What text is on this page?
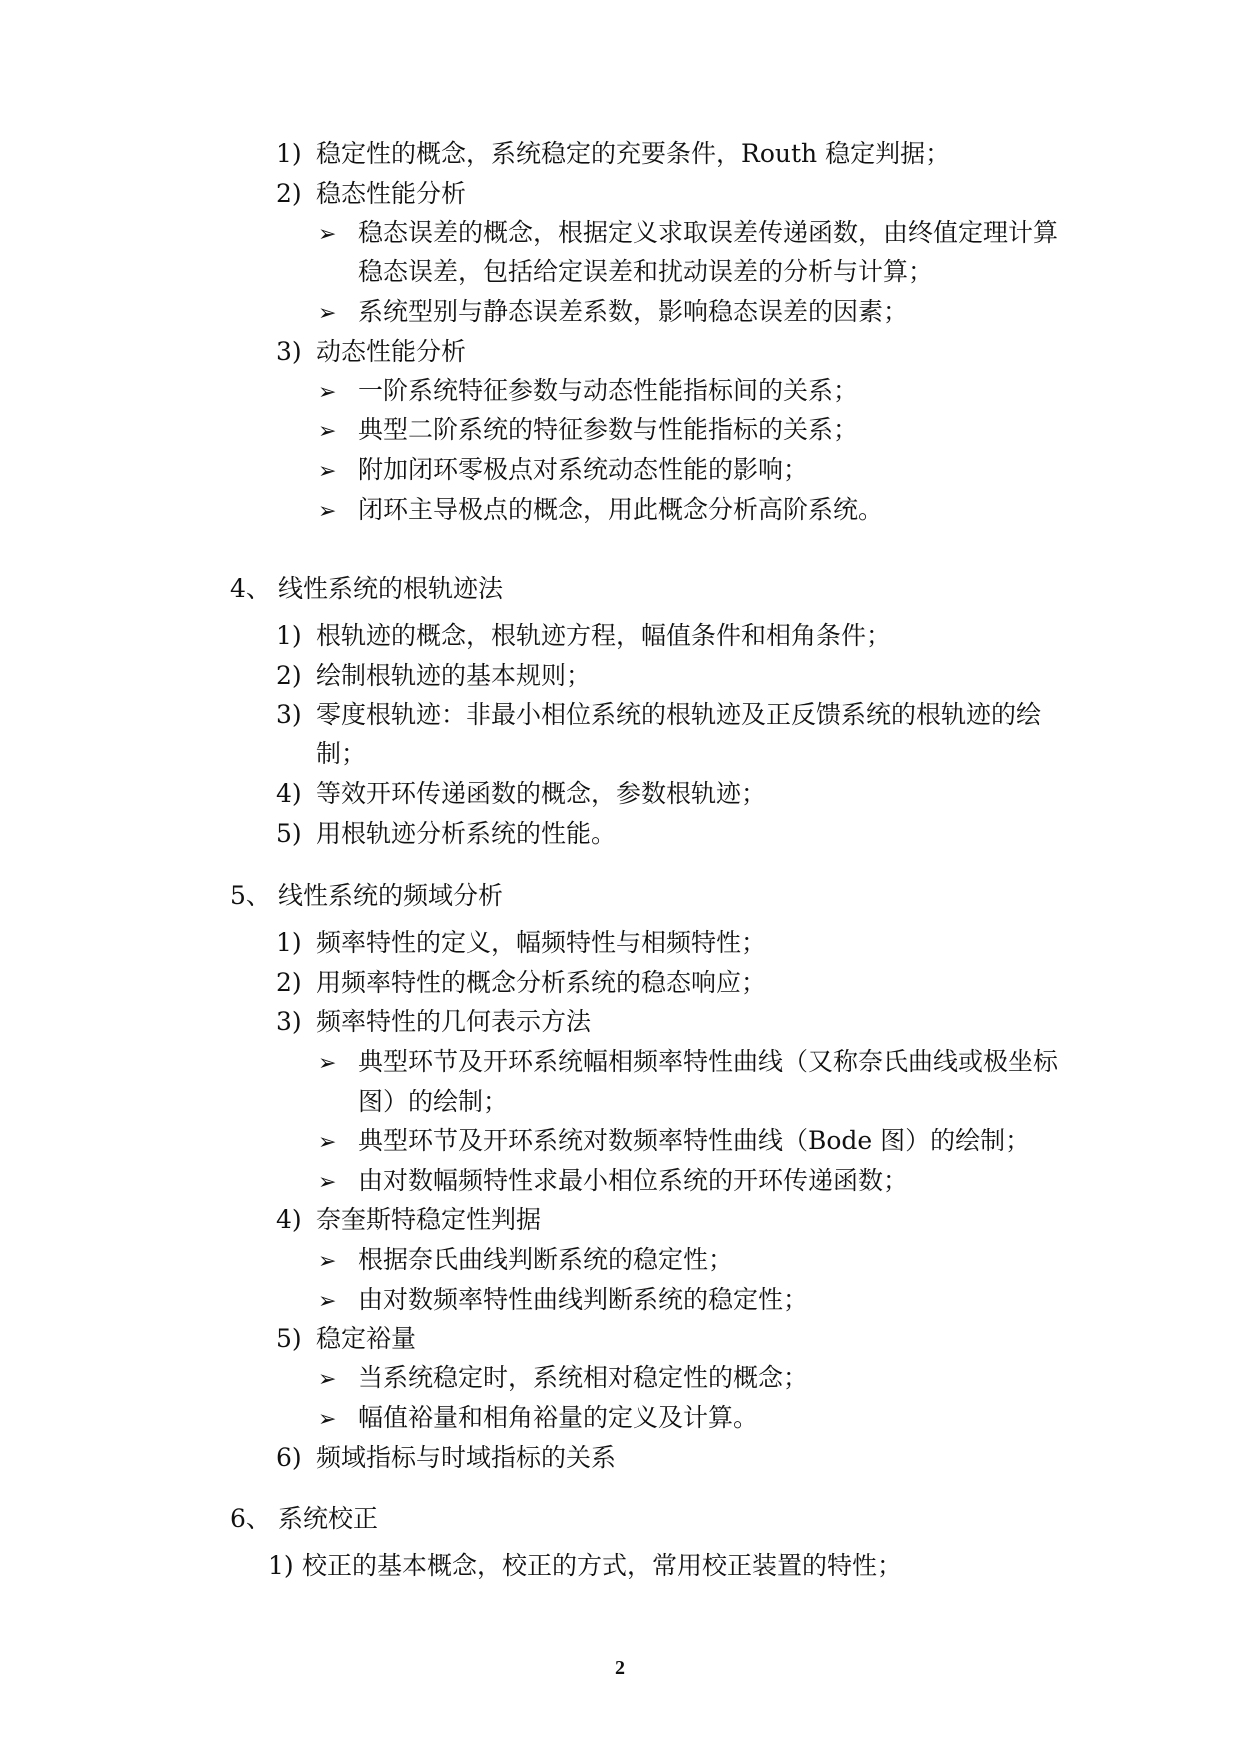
1) 稳定性的概念，系统稳定的充要条件，Routh 稳定判据；
2) 稳态性能分析
➢ 稳态误差的概念，根据定义求取误差传递函数，由终值定理计算
稳态误差，包括给定误差和扰动误差的分析与计算；
➢ 系统型别与静态误差系数，影响稳态误差的因素；
3) 动态性能分析
➢ 一阶系统特征参数与动态性能指标间的关系；
➢ 典型二阶系统的特征参数与性能指标的关系；
➢ 附加闭环零极点对系统动态性能的影响；
➢ 闭环主导极点的概念，用此概念分析高阶系统。
4、 线性系统的根轨迹法
1) 根轨迹的概念，根轨迹方程，幅值条件和相角条件；
2) 绘制根轨迹的基本规则；
3) 零度根轨迹：非最小相位系统的根轨迹及正反馈系统的根轨迹的绘
制；
4) 等效开环传递函数的概念，参数根轨迹；
5) 用根轨迹分析系统的性能。
5、 线性系统的频域分析
1) 频率特性的定义，幅频特性与相频特性；
2) 用频率特性的概念分析系统的稳态响应；
3) 频率特性的几何表示方法
➢ 典型环节及开环系统幅相频率特性曲线（又称奈氏曲线或极坐标
图）的绘制；
➢ 典型环节及开环系统对数频率特性曲线（Bode 图）的绘制；
➢ 由对数幅频特性求最小相位系统的开环传递函数；
4) 奈奎斯特稳定性判据
➢ 根据奈氏曲线判断系统的稳定性；
➢ 由对数频率特性曲线判断系统的稳定性；
5) 稳定裕量
➢ 当系统稳定时，系统相对稳定性的概念；
➢ 幅值裕量和相角裕量的定义及计算。
6) 频域指标与时域指标的关系
6、 系统校正
1) 校正的基本概念，校正的方式，常用校正装置的特性；
2
